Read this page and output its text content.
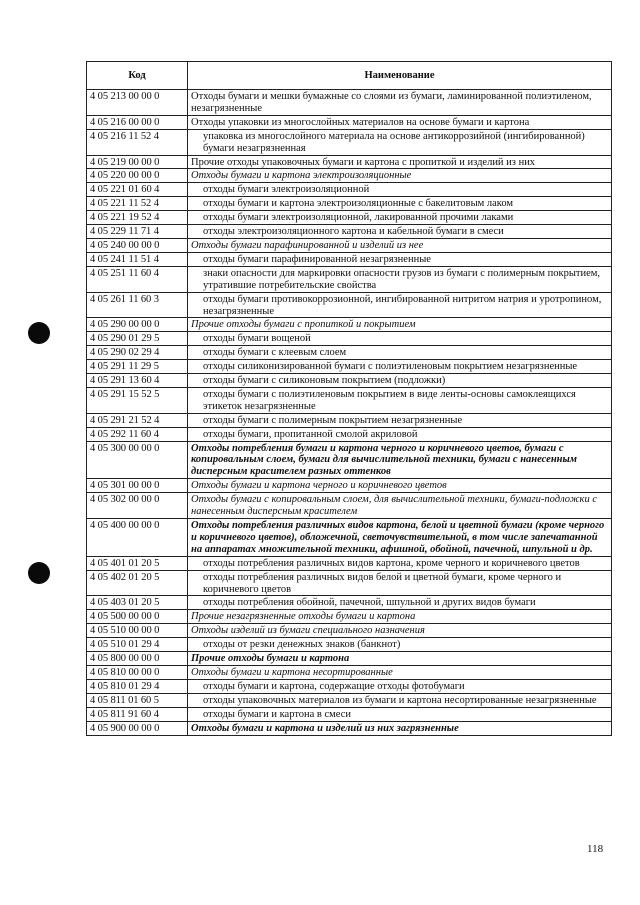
Код	Наименование
4 05 213 00 00 0	Отходы бумаги и мешки бумажные со слоями из бумаги, ламинированной полиэтиленом, незагрязненные
4 05 216 00 00 0	Отходы упаковки из многослойных материалов на основе бумаги и картона
4 05 216 11 52 4	упаковка из многослойного материала на основе антикоррозийной (ингибированной) бумаги незагрязненная
4 05 219 00 00 0	Прочие отходы упаковочных бумаги и картона с пропиткой и изделий из них
4 05 220 00 00 0	Отходы бумаги и картона электроизоляционные
4 05 221 01 60 4	отходы бумаги электроизоляционной
4 05 221 11 52 4	отходы бумаги и картона электроизоляционные с бакелитовым лаком
4 05 221 19 52 4	отходы бумаги электроизоляционной, лакированной прочими лаками
4 05 229 11 71 4	отходы электроизоляционного картона и кабельной бумаги в смеси
4 05 240 00 00 0	Отходы бумаги парафинированной и изделий из нее
4 05 241 11 51 4	отходы бумаги парафинированной незагрязненные
4 05 251 11 60 4	знаки опасности для маркировки опасности грузов из бумаги с полимерным покрытием, утратившие потребительские свойства
4 05 261 11 60 3	отходы бумаги противокоррозионной, ингибированной нитритом натрия и уротропином, незагрязненные
4 05 290 00 00 0	Прочие отходы бумаги с пропиткой и покрытием
4 05 290 01 29 5	отходы бумаги вощеной
4 05 290 02 29 4	отходы бумаги с клеевым слоем
4 05 291 11 29 5	отходы силиконизированной бумаги с полиэтиленовым покрытием незагрязненные
4 05 291 13 60 4	отходы бумаги с силиконовым покрытием (подложки)
4 05 291 15 52 5	отходы бумаги с полиэтиленовым покрытием в виде ленты-основы самоклеящихся этикеток незагрязненные
4 05 291 21 52 4	отходы бумаги с полимерным покрытием незагрязненные
4 05 292 11 60 4	отходы бумаги, пропитанной смолой акриловой
4 05 300 00 00 0	Отходы потребления бумаги и картона черного и коричневого цветов, бумаги с копировальным слоем, бумаги для вычислительной техники, бумаги с нанесенным дисперсным красителем разных оттенков
4 05 301 00 00 0	Отходы бумаги и картона черного и коричневого цветов
4 05 302 00 00 0	Отходы бумаги с копировальным слоем, для вычислительной техники, бумаги-подложки с нанесенным дисперсным красителем
4 05 400 00 00 0	Отходы потребления различных видов картона, белой и цветной бумаги (кроме черного и коричневого цветов), обложечной, светочувствительной, в том числе запечатанной на аппаратах множительной техники, афишной, обойной, пачечной, шпульной и др.
4 05 401 01 20 5	отходы потребления различных видов картона, кроме черного и коричневого цветов
4 05 402 01 20 5	отходы потребления различных видов белой и цветной бумаги, кроме черного и коричневого цветов
4 05 403 01 20 5	отходы потребления обойной, пачечной, шпульной и других видов бумаги
4 05 500 00 00 0	Прочие незагрязненные отходы бумаги и картона
4 05 510 00 00 0	Отходы изделий из бумаги специального назначения
4 05 510 01 29 4	отходы от резки денежных знаков (банкнот)
4 05 800 00 00 0	Прочие отходы бумаги и картона
4 05 810 00 00 0	Отходы бумаги и картона несортированные
4 05 810 01 29 4	отходы бумаги и картона, содержащие отходы фотобумаги
4 05 811 01 60 5	отходы упаковочных материалов из бумаги и картона несортированные незагрязненные
4 05 811 91 60 4	отходы бумаги и картона в смеси
4 05 900 00 00 0	Отходы бумаги и картона и изделий из них загрязненные
118
